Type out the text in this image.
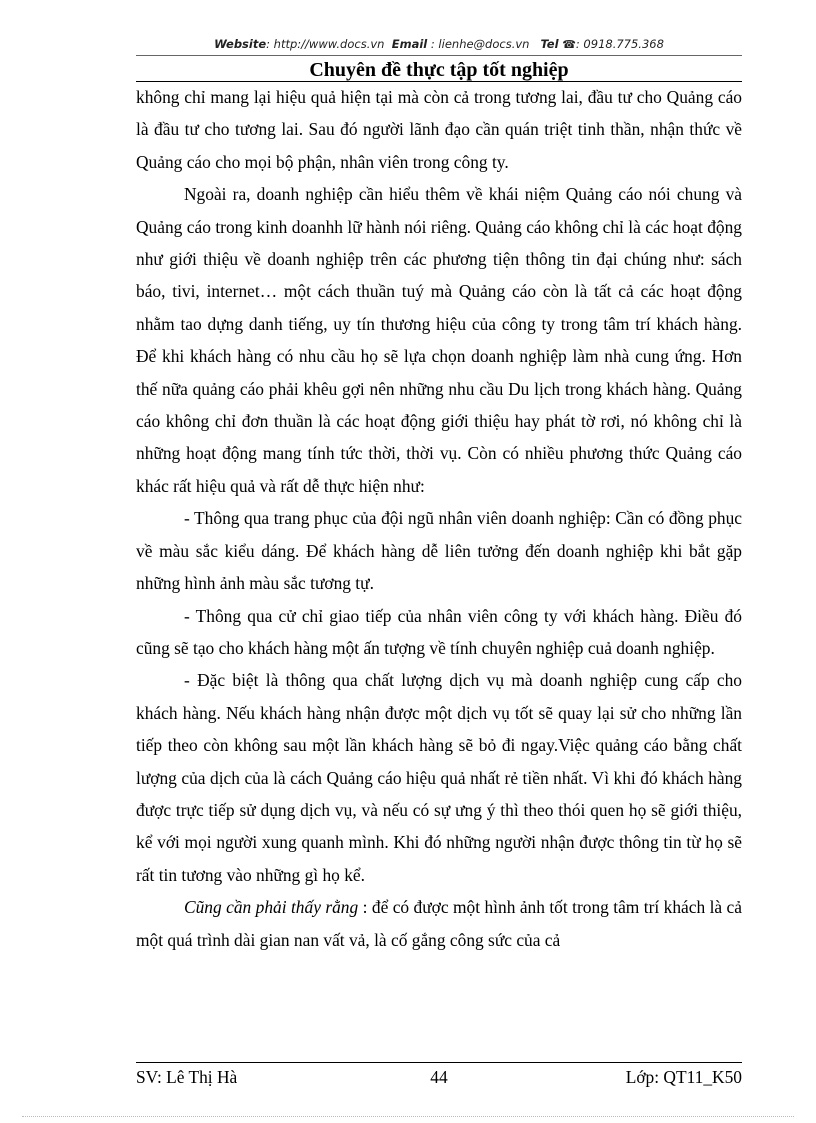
Website: http://www.docs.vn Email : lienhe@docs.vn Tel ☎: 0918.775.368
Chuyên đề thực tập tốt nghiệp

không chỉ mang lại hiệu quả hiện tại mà còn cả trong tương lai, đầu tư cho Quảng cáo là đầu tư cho tương lai. Sau đó người lãnh đạo cần quán triệt tinh thần, nhận thức về Quảng cáo cho mọi bộ phận, nhân viên trong công ty.

Ngoài ra, doanh nghiệp cần hiểu thêm về khái niệm Quảng cáo nói chung và Quảng cáo trong kinh doanhh lữ hành nói riêng. Quảng cáo không chỉ là các hoạt động như giới thiệu về doanh nghiệp trên các phương tiện thông tin đại chúng như: sách báo, tivi, internet… một cách thuần tuý mà Quảng cáo còn là tất cả các hoạt động nhằm tao dựng danh tiếng, uy tín thương hiệu của công ty trong tâm trí khách hàng. Để khi khách hàng có nhu cầu họ sẽ lựa chọn doanh nghiệp làm nhà cung ứng. Hơn thế nữa quảng cáo phải khêu gợi nên những nhu cầu Du lịch trong khách hàng. Quảng cáo không chỉ đơn thuần là các hoạt động giới thiệu hay phát tờ rơi, nó không chỉ là những hoạt động mang tính tức thời, thời vụ. Còn có nhiều phương thức Quảng cáo khác rất hiệu quả và rất dễ thực hiện như:

- Thông qua trang phục của đội ngũ nhân viên doanh nghiệp: Cần có đồng phục về màu sắc kiểu dáng. Để khách hàng dễ liên tưởng đến doanh nghiệp khi bắt gặp những hình ảnh màu sắc tương tự.

- Thông qua cử chỉ giao tiếp của nhân viên công ty với khách hàng. Điều đó cũng sẽ tạo cho khách hàng một ấn tượng về tính chuyên nghiệp cuả doanh nghiệp.

- Đặc biệt là thông qua chất lượng dịch vụ mà doanh nghiệp cung cấp cho khách hàng. Nếu khách hàng nhận được một dịch vụ tốt sẽ quay lại sử cho những lần tiếp theo còn không sau một lần khách hàng sẽ bỏ đi ngay.Việc quảng cáo bằng chất lượng của dịch của là cách Quảng cáo hiệu quả nhất rẻ tiền nhất. Vì khi đó khách hàng được trực tiếp sử dụng dịch vụ, và nếu có sự ưng ý thì theo thói quen họ sẽ giới thiệu, kể với mọi người xung quanh mình. Khi đó những người nhận được thông tin từ họ sẽ rất tin tương vào những gì họ kể.

Cũng cần phải thấy rằng : để có được một hình ảnh tốt trong tâm trí khách là cả một quá trình dài gian nan vất vả, là cố gắng công sức của cả

SV: Lê Thị Hà	44	Lớp: QT11_K50
